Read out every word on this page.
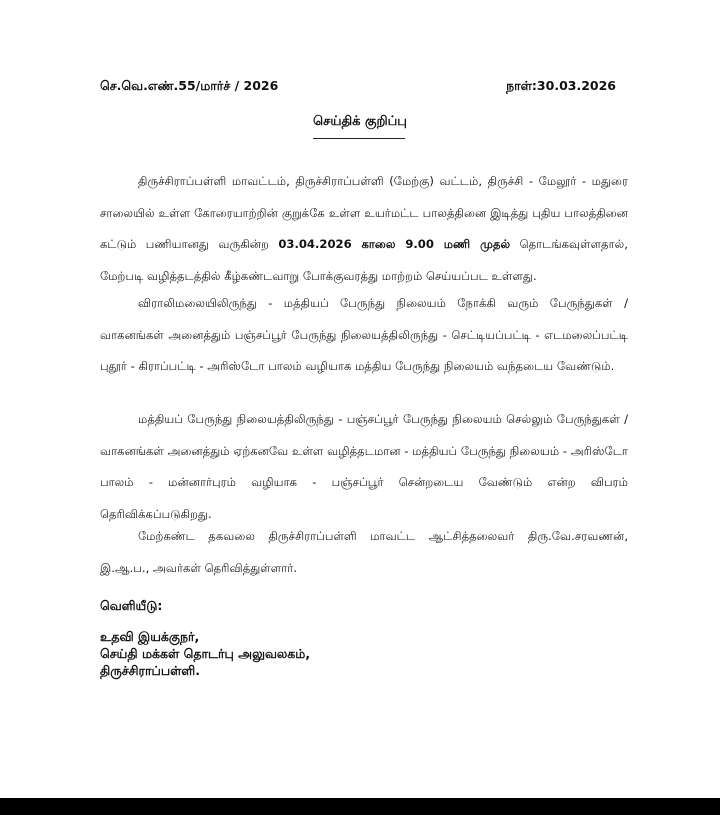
செ.வெ.எண்.55/மார்ச் / 2026	நாள்:30.03.2026
செய்திக் குறிப்பு

திருச்சிராப்பள்ளி மாவட்டம், திருச்சிராப்பள்ளி (மேற்கு) வட்டம், திருச்சி - மேலூர் - மதுரை சாலையில் உள்ள கோரையாற்றின் குறுக்கே உள்ள உயர்மட்ட பாலத்தினை இடித்து புதிய பாலத்தினை கட்டும் பணியானது வருகின்ற 03.04.2026 காலை 9.00 மணி முதல் தொடங்கவுள்ளதால், மேற்படி வழித்தடத்தில் கீழ்கண்டவாறு போக்குவரத்து மாற்றம் செய்யப்பட உள்ளது.

விராலிமலையிலிருந்து - மத்தியப் பேருந்து நிலையம் நோக்கி வரும் பேருந்துகள் / வாகனங்கள் அனைத்தும் பஞ்சப்பூர் பேருந்து நிலையத்திலிருந்து - செட்டியப்பட்டி - எடமலைப்பட்டி புதூர் - கிராப்பட்டி - அரிஸ்டோ பாலம் வழியாக மத்திய பேருந்து நிலையம் வந்தடைய வேண்டும்.

மத்தியப் பேருந்து நிலையத்திலிருந்து - பஞ்சப்பூர் பேருந்து நிலையம் செல்லும் பேருந்துகள் / வாகனங்கள் அனைத்தும் ஏற்கனவே உள்ள வழித்தடமான - மத்தியப் பேருந்து நிலையம் - அரிஸ்டோ பாலம் - மன்னார்புரம் வழியாக - பஞ்சப்பூர் சென்றடைய வேண்டும் என்ற விபரம் தெரிவிக்கப்படுகிறது.

மேற்கண்ட தகவலை திருச்சிராப்பள்ளி மாவட்ட ஆட்சித்தலைவர் திரு.வே.சரவணன், இ.ஆ.ப., அவர்கள் தெரிவித்துள்ளார்.

வெளியீடு:
உதவி இயக்குநர்,
செய்தி மக்கள் தொடர்பு அலுவலகம்,
திருச்சிராப்பள்ளி.
